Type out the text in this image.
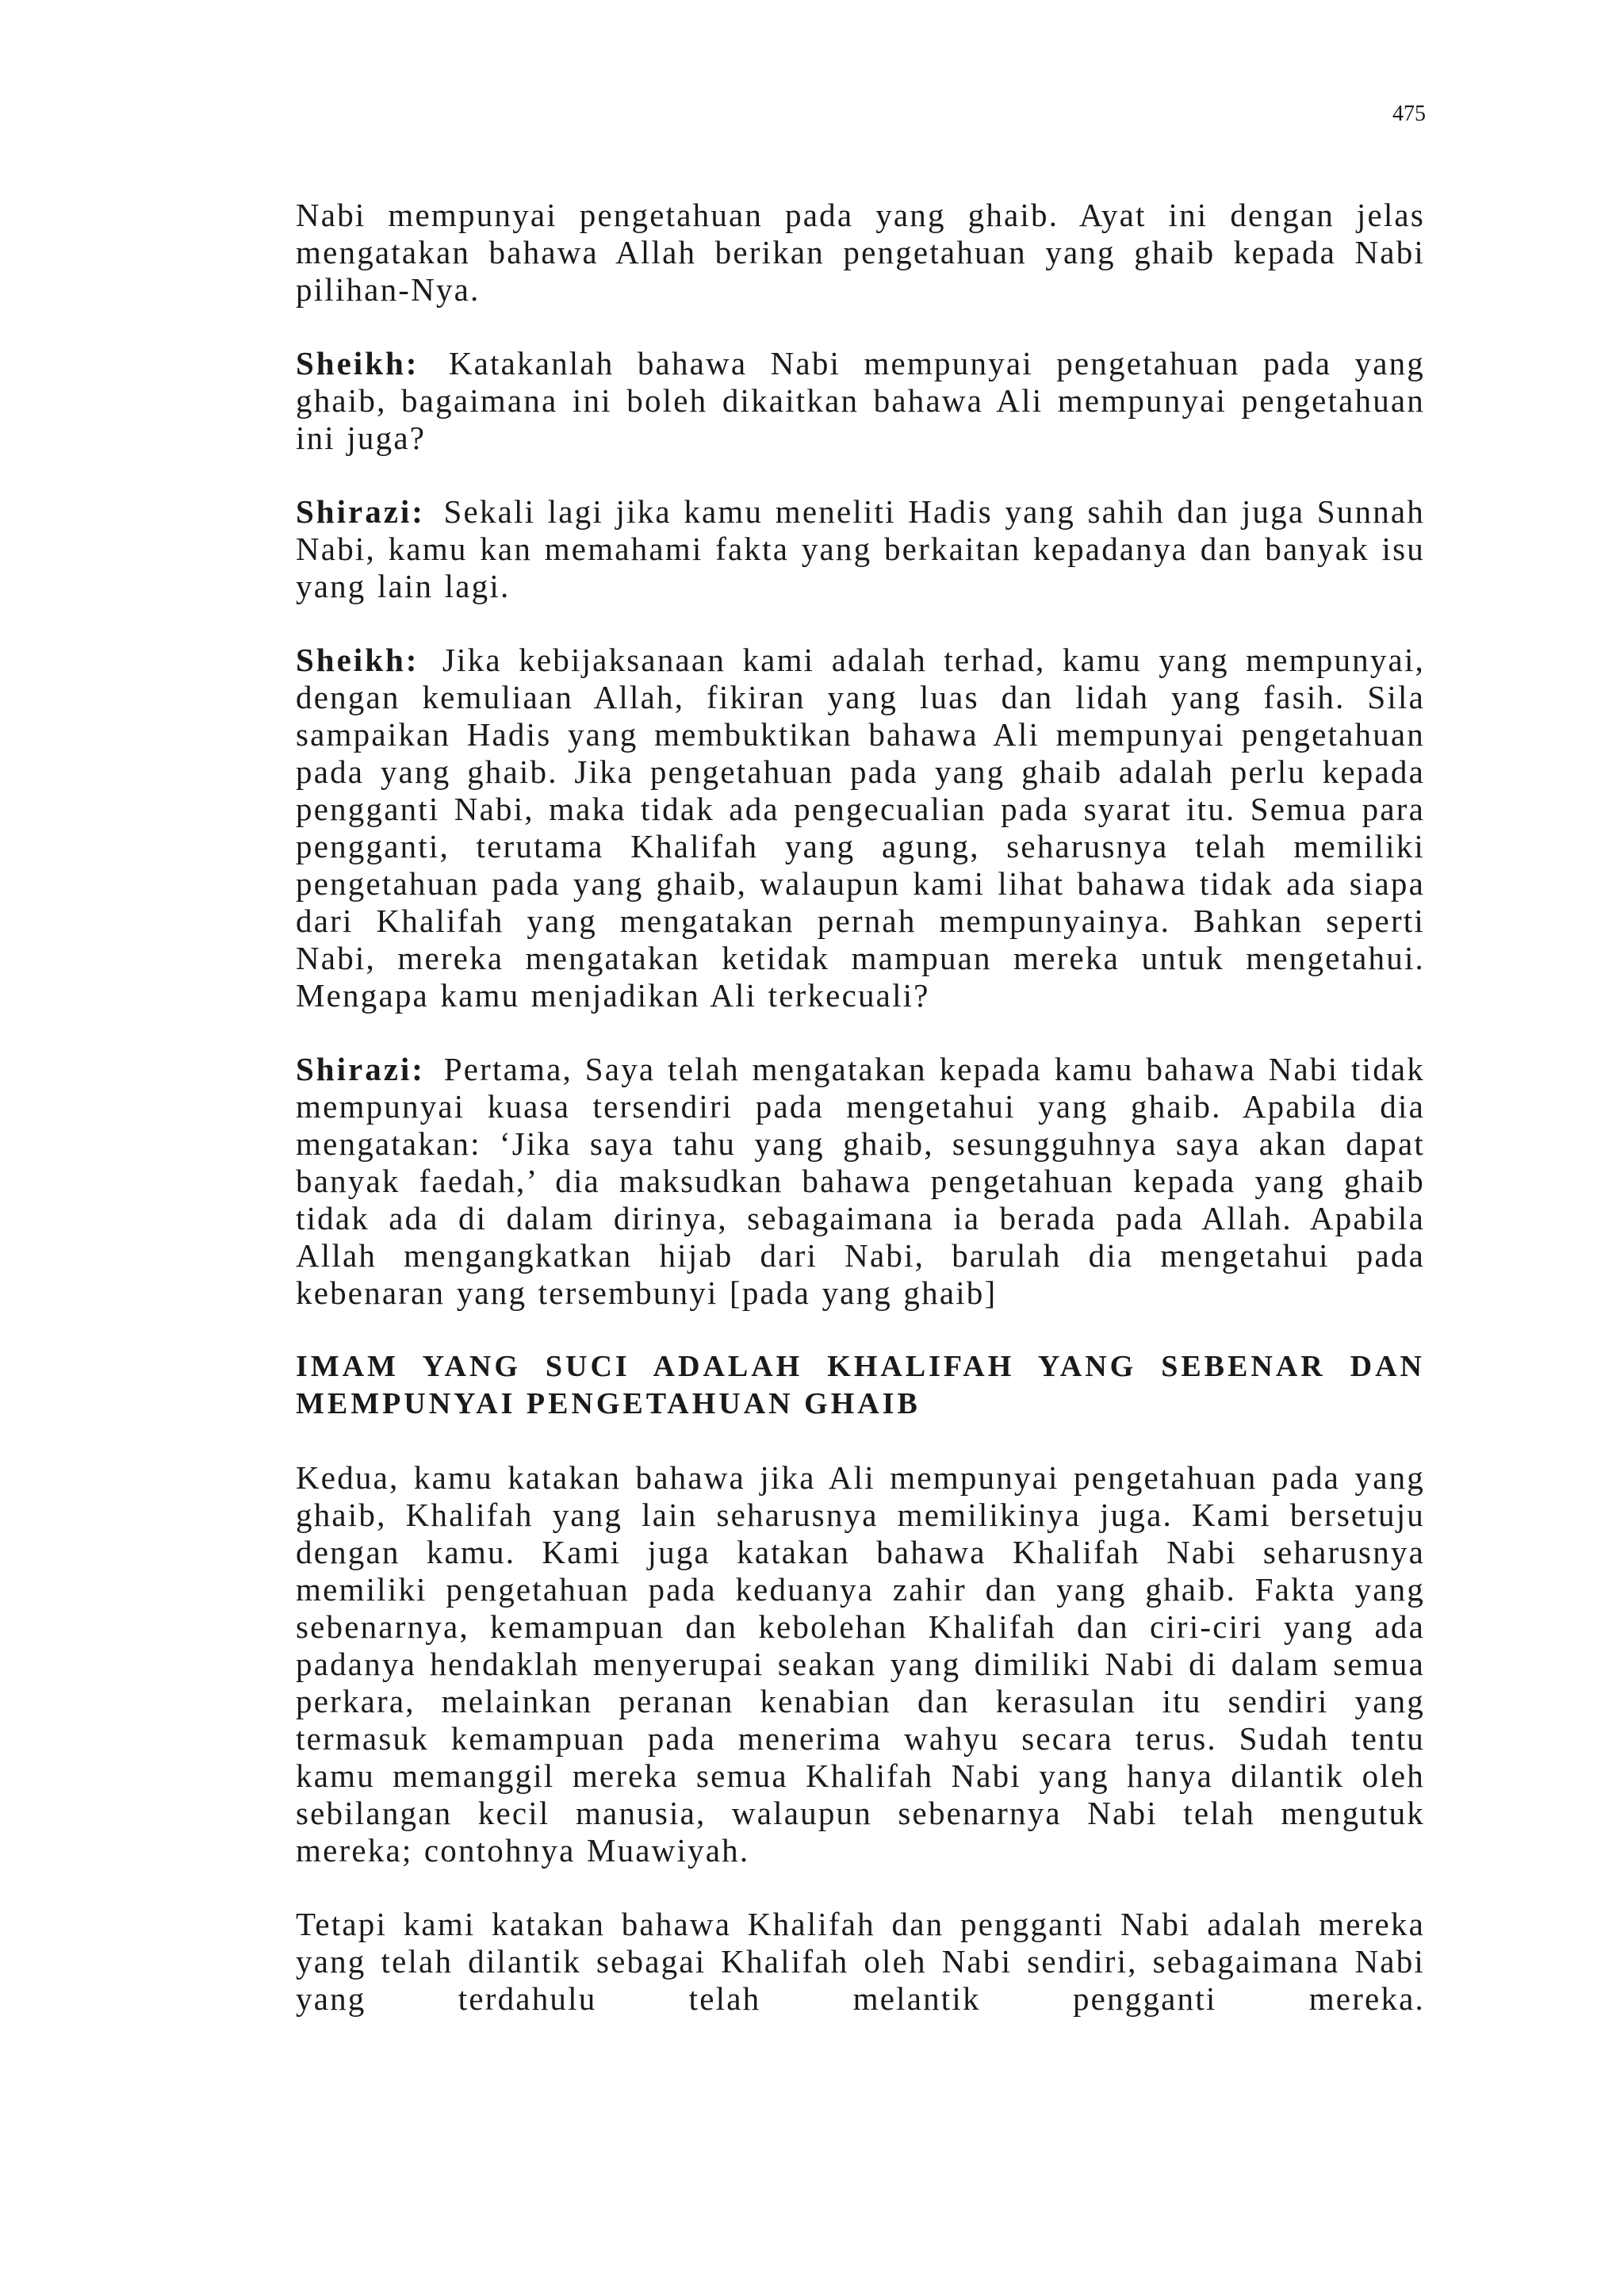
475

Nabi mempunyai pengetahuan pada yang ghaib. Ayat ini dengan jelas mengatakan bahawa Allah berikan pengetahuan yang ghaib kepada Nabi pilihan-Nya.

Sheikh: Katakanlah bahawa Nabi mempunyai pengetahuan pada yang ghaib, bagaimana ini boleh dikaitkan bahawa Ali mempunyai pengetahuan ini juga?

Shirazi: Sekali lagi jika kamu meneliti Hadis yang sahih dan juga Sunnah Nabi, kamu kan memahami fakta yang berkaitan kepadanya dan banyak isu yang lain lagi.

Sheikh: Jika kebijaksanaan kami adalah terhad, kamu yang mempunyai, dengan kemuliaan Allah, fikiran yang luas dan lidah yang fasih. Sila sampaikan Hadis yang membuktikan bahawa Ali mempunyai pengetahuan pada yang ghaib. Jika pengetahuan pada yang ghaib adalah perlu kepada pengganti Nabi, maka tidak ada pengecualian pada syarat itu. Semua para pengganti, terutama Khalifah yang agung, seharusnya telah memiliki pengetahuan pada yang ghaib, walaupun kami lihat bahawa tidak ada siapa dari Khalifah yang mengatakan pernah mempunyainya. Bahkan seperti Nabi, mereka mengatakan ketidak mampuan mereka untuk mengetahui. Mengapa kamu menjadikan Ali terkecuali?

Shirazi: Pertama, Saya telah mengatakan kepada kamu bahawa Nabi tidak mempunyai kuasa tersendiri pada mengetahui yang ghaib. Apabila dia mengatakan: ‘Jika saya tahu yang ghaib, sesungguhnya saya akan dapat banyak faedah,’ dia maksudkan bahawa pengetahuan kepada yang ghaib tidak ada di dalam dirinya, sebagaimana ia berada pada Allah. Apabila Allah mengangkatkan hijab dari Nabi, barulah dia mengetahui pada kebenaran yang tersembunyi [pada yang ghaib]

IMAM YANG SUCI ADALAH KHALIFAH YANG SEBENAR DAN MEMPUNYAI PENGETAHUAN GHAIB

Kedua, kamu katakan bahawa jika Ali mempunyai pengetahuan pada yang ghaib, Khalifah yang lain seharusnya memilikinya juga. Kami bersetuju dengan kamu. Kami juga katakan bahawa Khalifah Nabi seharusnya memiliki pengetahuan pada keduanya zahir dan yang ghaib. Fakta yang sebenarnya, kemampuan dan kebolehan Khalifah dan ciri-ciri yang ada padanya hendaklah menyerupai seakan yang dimiliki Nabi di dalam semua perkara, melainkan peranan kenabian dan kerasulan itu sendiri yang termasuk kemampuan pada menerima wahyu secara terus. Sudah tentu kamu memanggil mereka semua Khalifah Nabi yang hanya dilantik oleh sebilangan kecil manusia, walaupun sebenarnya Nabi telah mengutuk mereka; contohnya Muawiyah.

Tetapi kami katakan bahawa Khalifah dan pengganti Nabi adalah mereka yang telah dilantik sebagai Khalifah oleh Nabi sendiri, sebagaimana Nabi yang terdahulu telah melantik pengganti mereka.
